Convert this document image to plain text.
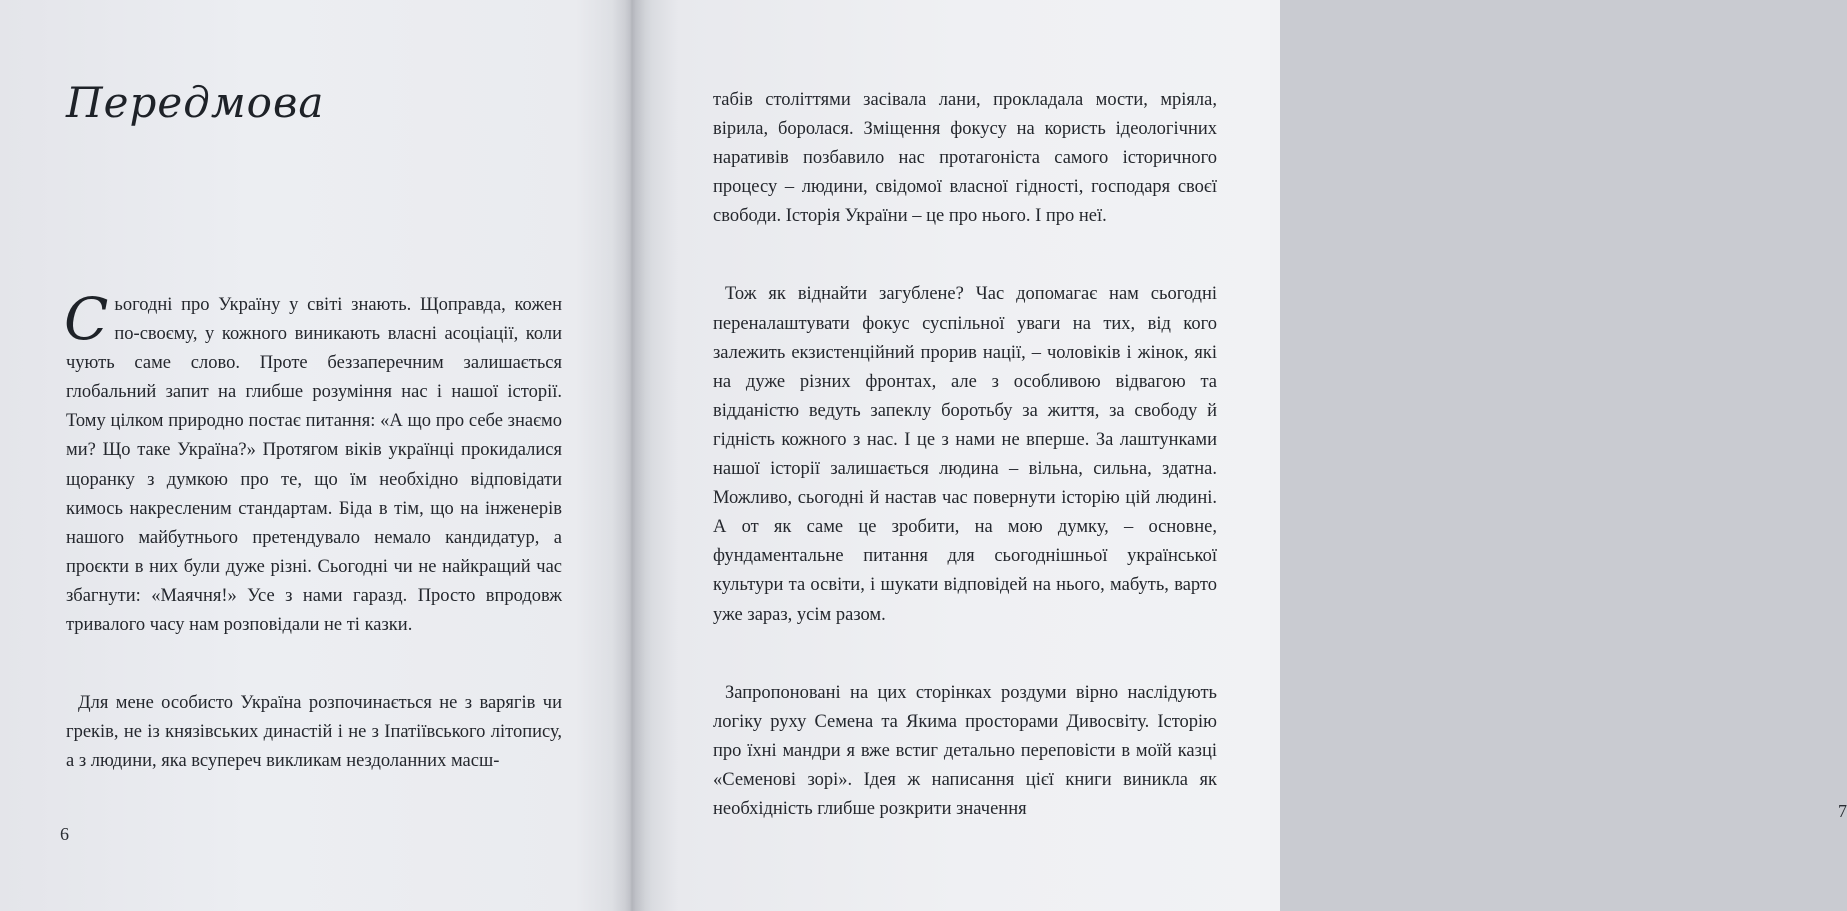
Передмова

Сьогодні про Україну у світі знають. Щоправда, кожен по-своєму, у кожного виникають власні асоціації, коли чують саме слово. Проте беззаперечним залишається глобальний запит на глибше розуміння нас і нашої історії. Тому цілком природно постає питання: «А що про себе знаємо ми? Що таке Україна?» Протягом віків українці прокидалися щоранку з думкою про те, що їм необхідно відповідати кимось накресленим стандартам. Біда в тім, що на інженерів нашого майбутнього претендувало немало кандидатур, а проєкти в них були дуже різні. Сьогодні чи не найкращий час збагнути: «Маячня!» Усе з нами гаразд. Просто впродовж тривалого часу нам розповідали не ті казки.

Для мене особисто Україна розпочинається не з варягів чи греків, не із князівських династій і не з Іпатіївського літопису, а з людини, яка всупереч викликам нездоланних масш-

6
7

табів століттями засівала лани, прокладала мости, мріяла, вірила, боролася. Зміщення фокусу на користь ідеологічних наративів позбавило нас протагоніста самого історичного процесу – людини, свідомої власної гідності, господаря своєї свободи. Історія України – це про нього. І про неї.

Тож як віднайти загублене? Час допомагає нам сьогодні переналаштувати фокус суспільної уваги на тих, від кого залежить екзистенційний прорив нації, – чоловіків і жінок, які на дуже різних фронтах, але з особливою відвагою та відданістю ведуть запеклу боротьбу за життя, за свободу й гідність кожного з нас. І це з нами не вперше. За лаштунками нашої історії залишається людина – вільна, сильна, здатна. Можливо, сьогодні й настав час повернути історію цій людині. А от як саме це зробити, на мою думку, – основне, фундаментальне питання для сьогоднішньої української культури та освіти, і шукати відповідей на нього, мабуть, варто уже зараз, усім разом.

Запропоновані на цих сторінках роздуми вірно наслідують логіку руху Семена та Якима просторами Дивосвіту. Історію про їхні мандри я вже встиг детально переповісти в моїй казці «Семенові зорі». Ідея ж написання цієї книги виникла як необхідність глибше розкрити значення
